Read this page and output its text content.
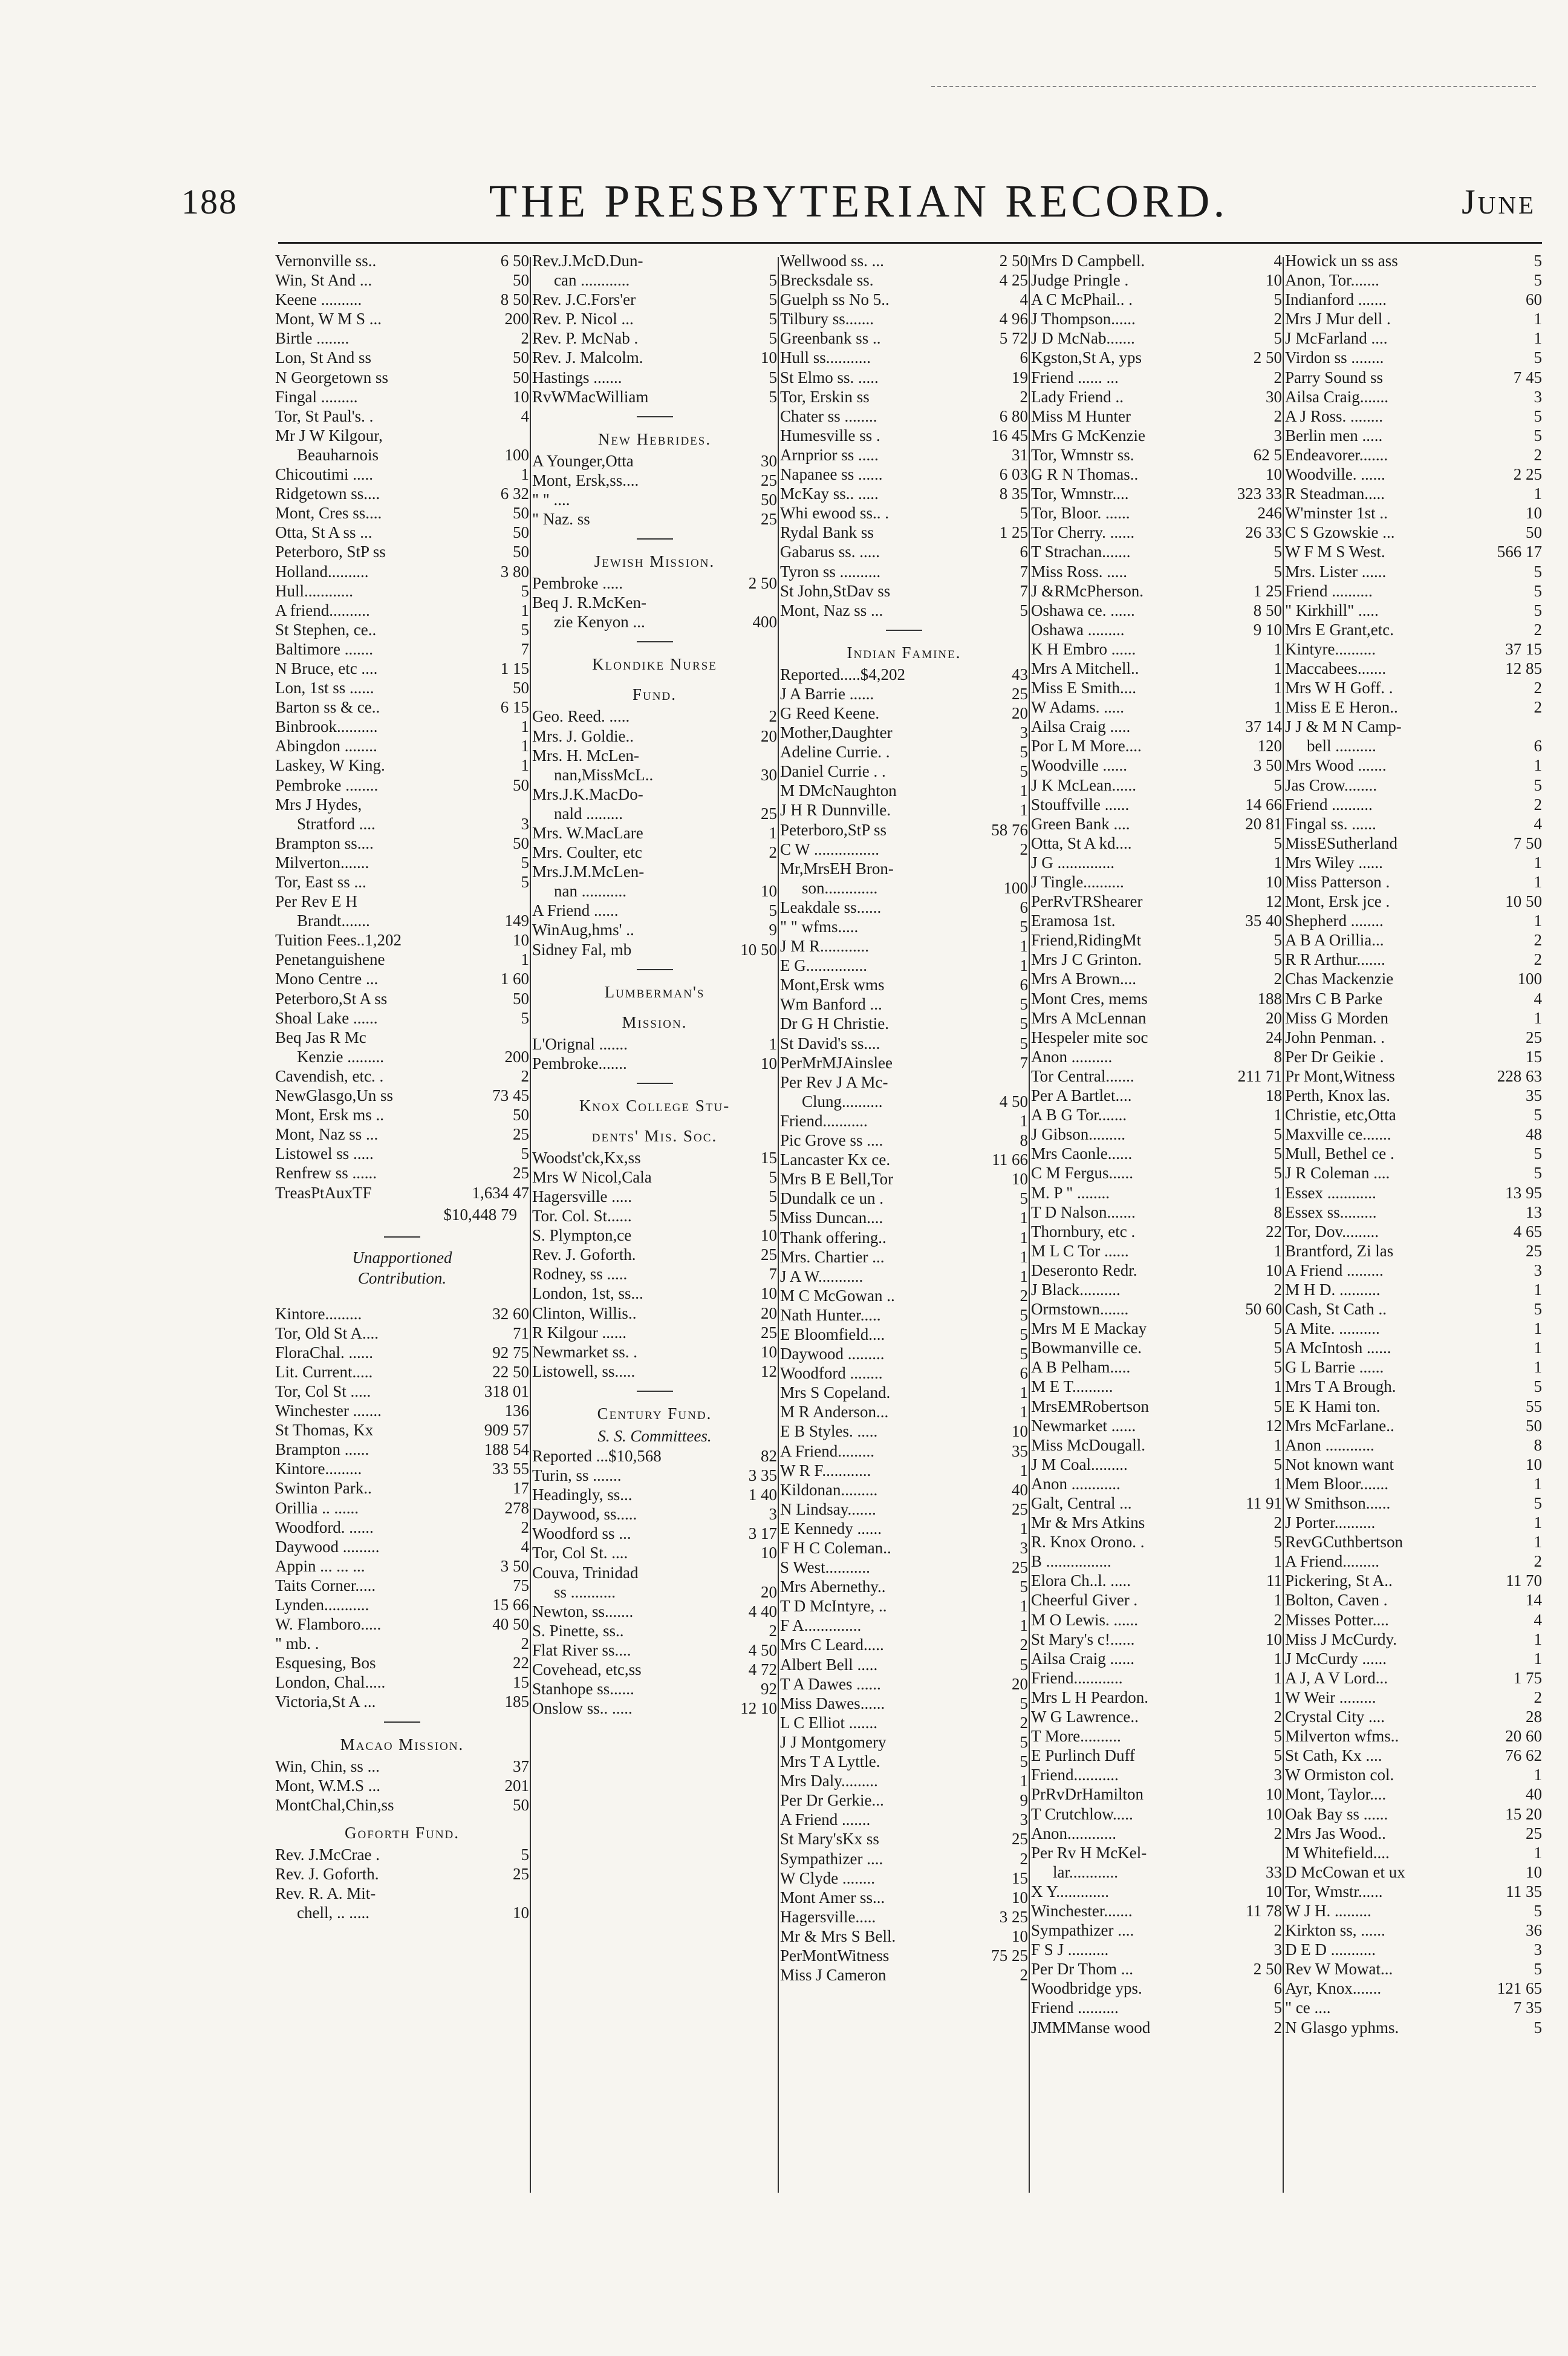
188	THE PRESBYTERIAN RECORD.	June
Vernonville ss..	6 50
Win, St And ...	50
Keene ..........	8 50
Mont, W M S ...	200
Birtle ........	2
Lon, St And ss	50
N Georgetown ss	50
Fingal .........	10
Tor, St Paul's. .	4
Mr J W Kilgour,
Beauharnois	100
Chicoutimi .....	1
Ridgetown ss....	6 32
Mont, Cres ss....	50
Otta, St A ss ...	50
Peterboro, StP ss	50
Holland..........	3 80
Hull............	5
A friend..........	1
St Stephen, ce..	5
Baltimore .......	7
N Bruce, etc ....	1 15
Lon, 1st ss ......	50
Barton ss & ce..	6 15
Binbrook..........	1
Abingdon ........	1
Laskey, W King.	1
Pembroke ........	50
Mrs J Hydes,
Stratford ....	3
Brampton ss....	50
Milverton.......	5
Tor, East ss ...	5
Per Rev E H
Brandt.......	149
Tuition Fees..1,202	10
Penetanguishene	1
Mono Centre ...	1 60
Peterboro,St A ss	50
Shoal Lake ......	5
Beq Jas R Mc
Kenzie .........	200
Cavendish, etc. .	2
NewGlasgo,Un ss	73 45
Mont, Ersk ms ..	50
Mont, Naz ss ...	25
Listowel ss .....	5
Renfrew ss ......	25
TreasPtAuxTF	1,634 47
$10,448 79
Unapportioned
Contribution.
Kintore.........	32 60
Tor, Old St A....	71
FloraChal. ......	92 75
Lit. Current.....	22 50
Tor, Col St .....	318 01
Winchester .......	136
St Thomas, Kx	909 57
Brampton ......	188 54
Kintore.........	33 55
Swinton Park..	17
Orillia .. ......	278
Woodford. ......	2
Daywood .........	4
Appin ... ... ...	3 50
Taits Corner.....	75
Lynden...........	15 66
W. Flamboro.....	40 50
" mb. .	2
Esquesing, Bos	22
London, Chal.....	15
Victoria,St A ...	185
Macao Mission.
Win, Chin, ss ...	37
Mont, W.M.S ...	201
MontChal,Chin,ss	50
Goforth Fund.
Rev. J.McCrae .	5
Rev. J. Goforth.	25
Rev. R. A. Mit-
chell, .. .....	10
Rev.J.McD.Dun-
can ............	5
Rev. J.C.Fors'er	5
Rev. P. Nicol ...	5
Rev. P. McNab .	5
Rev. J. Malcolm.	10
Hastings .......	5
RvWMacWilliam	5
New Hebrides.
A Younger,Otta	30
Mont, Ersk,ss....	25
" " ....	50
" Naz. ss	25
Jewish Mission.
Pembroke .....	2 50
Beq J. R.McKen-
zie Kenyon ...	400
Klondike Nurse
Fund.
Geo. Reed. .....	2
Mrs. J. Goldie..	20
Mrs. H. McLen-
nan,MissMcL..	30
Mrs.J.K.MacDo-
nald .........	25
Mrs. W.MacLare	1
Mrs. Coulter, etc	2
Mrs.J.M.McLen-
nan ...........	10
A Friend ......	5
WinAug,hms' ..	9
Sidney Fal, mb	10 50
Lumberman's
Mission.
L'Orignal .......	1
Pembroke.......	10
Knox College Stu-
dents' Mis. Soc.
Woodst'ck,Kx,ss	15
Mrs W Nicol,Cala	5
Hagersville .....	5
Tor. Col. St......	5
S. Plympton,ce	10
Rev. J. Goforth.	25
Rodney, ss .....	7
London, 1st, ss...	10
Clinton, Willis..	20
R Kilgour ......	25
Newmarket ss. .	10
Listowell, ss.....	12
Century Fund.
S. S. Committees.
Reported ...$10,568	82
Turin, ss .......	3 35
Headingly, ss...	1 40
Daywood, ss.....	3
Woodford ss ...	3 17
Tor, Col St. ....	10
Couva, Trinidad
ss ...........	20
Newton, ss.......	4 40
S. Pinette, ss..	2
Flat River ss....	4 50
Covehead, etc,ss	4 72
Stanhope ss......	92
Onslow ss.. .....	12 10
Wellwood ss. ...	2 50
Brecksdale ss.	4 25
Guelph ss No 5..	4
Tilbury ss.......	4 96
Greenbank ss ..	5 72
Hull ss...........	6
St Elmo ss. .....	19
Tor, Erskin ss	2
Chater ss ........	6 80
Humesville ss .	16 45
Arnprior ss .....	31
Napanee ss ......	6 03
McKay ss.. .....	8 35
Whi ewood ss.. .	5
Rydal Bank ss	1 25
Gabarus ss. .....	6
Tyron ss ..........	7
St John,StDav ss	7
Mont, Naz ss ...	5
Indian Famine.
Reported.....$4,202	43
J A Barrie ......	25
G Reed Keene.	20
Mother,Daughter	3
Adeline Currie. .	5
Daniel Currie . .	5
M DMcNaughton	1
J H R Dunnville.	1
Peterboro,StP ss	58 76
C W ................	2
Mr,MrsEH Bron-
son.............	100
Leakdale ss......	6
" " wfms.....	5
J M R............	1
E G...............	1
Mont,Ersk wms	6
Wm Banford ...	5
Dr G H Christie.	5
St David's ss....	5
PerMrMJAinslee	7
Per Rev J A Mc-
Clung..........	4 50
Friend...........	1
Pic Grove ss ....	8
Lancaster Kx ce.	11 66
Mrs B E Bell,Tor	10
Dundalk ce un .	5
Miss Duncan....	1
Thank offering..	1
Mrs. Chartier ...	1
J A W...........	1
M C McGowan ..	2
Nath Hunter.....	5
E Bloomfield....	5
Daywood .........	5
Woodford ........	6
Mrs S Copeland.	1
M R Anderson...	1
E B Styles. .....	10
A Friend.........	35
W R F............	1
Kildonan.........	40
N Lindsay.......	25
E Kennedy ......	1
F H C Coleman..	3
S West...........	25
Mrs Abernethy..	5
T D McIntyre, ..	1
F A..............	1
Mrs C Leard.....	2
Albert Bell .....	5
T A Dawes ......	20
Miss Dawes......	5
L C Elliot .......	2
J J Montgomery	5
Mrs T A Lyttle.	5
Mrs Daly.........	1
Per Dr Gerkie...	9
A Friend .......	3
St Mary'sKx ss	25
Sympathizer ....	2
W Clyde ........	15
Mont Amer ss...	10
Hagersville.....	3 25
Mr & Mrs S Bell.	10
PerMontWitness	75 25
Miss J Cameron	2
Mrs D Campbell.	4
Judge Pringle .	10
A C McPhail.. .	5
J Thompson......	2
J D McNab.......	5
Kgston,St A, yps	2 50
Friend ...... ...	2
Lady Friend ..	30
Miss M Hunter	2
Mrs G McKenzie	3
Tor, Wmnstr ss.	62 5
G R N Thomas..	10
Tor, Wmnstr....	323 33
Tor, Bloor. ......	246
Tor Cherry. ......	26 33
T Strachan.......	5
Miss Ross. .....	5
J &RMcPherson.	1 25
Oshawa ce. ......	8 50
Oshawa .........	9 10
K H Embro ......	1
Mrs A Mitchell..	1
Miss E Smith....	1
W Adams. .....	1
Ailsa Craig .....	37 14
Por L M More....	120
Woodville ......	3 50
J K McLean......	5
Stouffville ......	14 66
Green Bank ....	20 81
Otta, St A kd....	5
J G ..............	1
J Tingle..........	10
PerRvTRShearer	12
Eramosa 1st.	35 40
Friend,RidingMt	5
Mrs J C Grinton.	5
Mrs A Brown....	2
Mont Cres, mems	188
Mrs A McLennan	20
Hespeler mite soc	24
Anon ..........	8
Tor Central.......	211 71
Per A Bartlet....	18
A B G Tor.......	1
J Gibson.........	5
Mrs Caonle......	5
C M Fergus......	5
M. P " ........	1
T D Nalson.......	8
Thornbury, etc .	22
M L C Tor ......	1
Deseronto Redr.	10
J Black..........	2
Ormstown.......	50 60
Mrs M E Mackay	5
Bowmanville ce.	5
A B Pelham.....	5
M E T..........	1
MrsEMRobertson	5
Newmarket ......	12
Miss McDougall.	1
J M Coal.........	5
Anon ............	1
Galt, Central ...	11 91
Mr & Mrs Atkins	2
R. Knox Orono. .	5
B ................	1
Elora Ch..l. .....	11
Cheerful Giver .	1
M O Lewis. ......	2
St Mary's c!......	10
Ailsa Craig ......	1
Friend............	1
Mrs L H Peardon.	1
W G Lawrence..	2
T More..........	5
E Purlinch Duff	5
Friend...........	3
PrRvDrHamilton	10
T Crutchlow.....	10
Anon............	2
Per Rv H McKel-
lar............	33
X Y.............	10
Winchester.......	11 78
Sympathizer ....	2
F S J ..........	3
Per Dr Thom ...	2 50
Woodbridge yps.	6
Friend ..........	5
JMMManse wood	2
Howick un ss ass	5
Anon, Tor.......	5
Indianford .......	60
Mrs J Mur dell .	1
J McFarland ....	1
Virdon ss ........	5
Parry Sound ss	7 45
Ailsa Craig.......	3
A J Ross. ........	5
Berlin men .....	5
Endeavorer.......	2
Woodville. ......	2 25
R Steadman.....	1
W'minster 1st ..	10
C S Gzowskie ...	50
W F M S West.	566 17
Mrs. Lister ......	5
Friend ..........	5
" Kirkhill" .....	5
Mrs E Grant,etc.	2
Kintyre..........	37 15
Maccabees.......	12 85
Mrs W H Goff. .	2
Miss E E Heron..	2
J J & M N Camp-
bell ..........	6
Mrs Wood .......	1
Jas Crow........	5
Friend ..........	2
Fingal ss. ......	4
MissESutherland	7 50
Mrs Wiley ......	1
Miss Patterson .	1
Mont, Ersk jce .	10 50
Shepherd ........	1
A B A Orillia...	2
R R Arthur.......	2
Chas Mackenzie	100
Mrs C B Parke	4
Miss G Morden	1
John Penman. .	25
Per Dr Geikie .	15
Pr Mont,Witness	228 63
Perth, Knox las.	35
Christie, etc,Otta	5
Maxville ce.......	48
Mull, Bethel ce .	5
J R Coleman ....	5
Essex ............	13 95
Essex ss.........	13
Tor, Dov.........	4 65
Brantford, Zi las	25
A Friend .........	3
M H D. ..........	1
Cash, St Cath ..	5
A Mite. ..........	1
A McIntosh ......	1
G L Barrie ......	1
Mrs T A Brough.	5
E K Hami ton.	55
Mrs McFarlane..	50
Anon ............	8
Not known want	10
Mem Bloor.......	1
W Smithson......	5
J Porter..........	1
RevGCuthbertson	1
A Friend.........	2
Pickering, St A..	11 70
Bolton, Caven .	14
Misses Potter....	4
Miss J McCurdy.	1
J McCurdy ......	1
A J, A V Lord...	1 75
W Weir .........	2
Crystal City ....	28
Milverton wfms..	20 60
St Cath, Kx ....	76 62
W Ormiston col.	1
Mont, Taylor....	40
Oak Bay ss ......	15 20
Mrs Jas Wood..	25
M Whitefield....	1
D McCowan et ux	10
Tor, Wmstr......	11 35
W J H. .........	5
Kirkton ss, ......	36
D E D ...........	3
Rev W Mowat...	5
Ayr, Knox.......	121 65
" ce ....	7 35
N Glasgo yphms.	5
